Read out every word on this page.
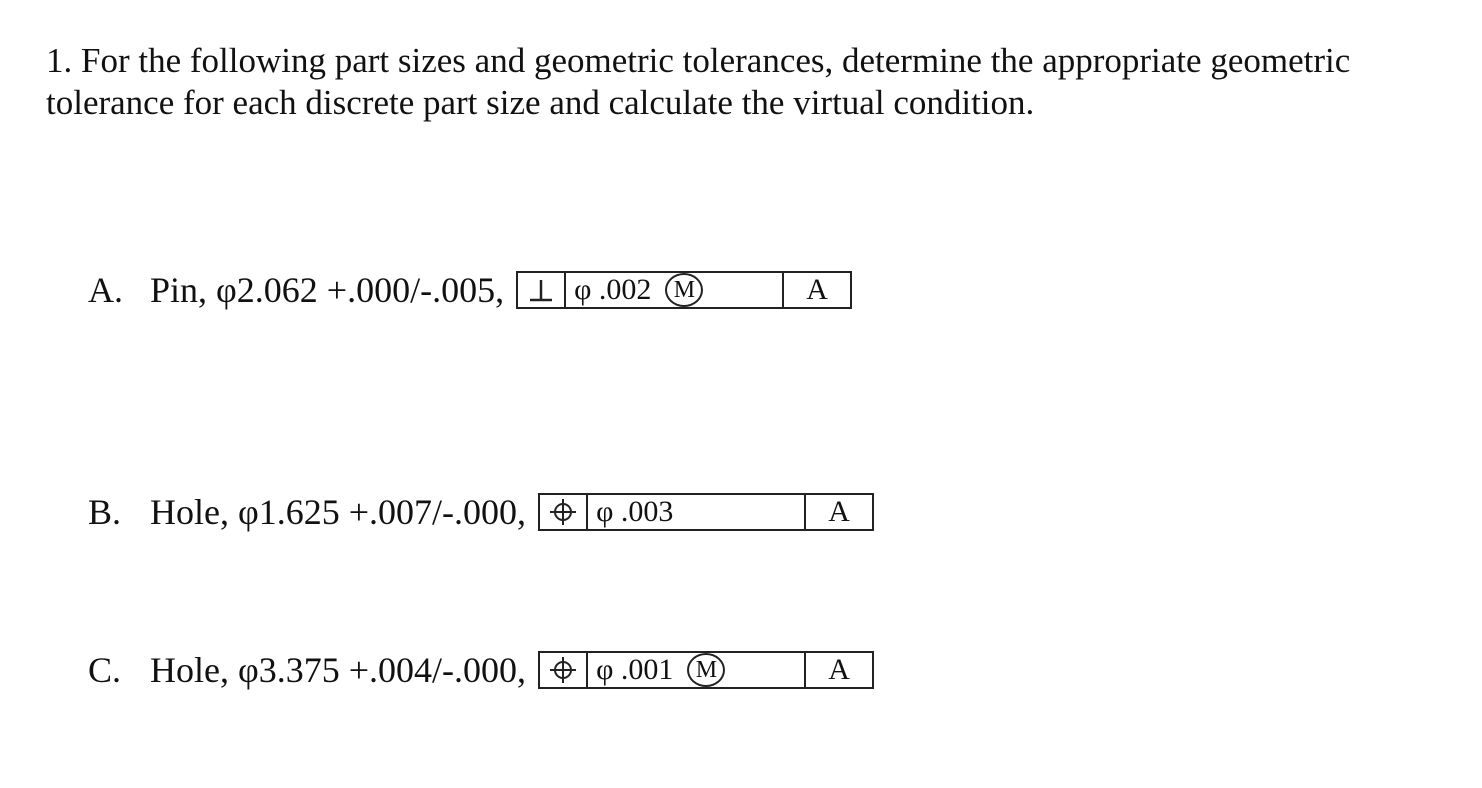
1. For the following part sizes and geometric tolerances, determine the appropriate geometric
tolerance for each discrete part size and calculate the virtual condition.
A. Pin, φ2.062 +.000/-.005, φ .002 M	A
B. Hole, φ1.625 +.007/-.000, φ .003	A
C. Hole, φ3.375 +.004/-.000, φ .001 M	A
